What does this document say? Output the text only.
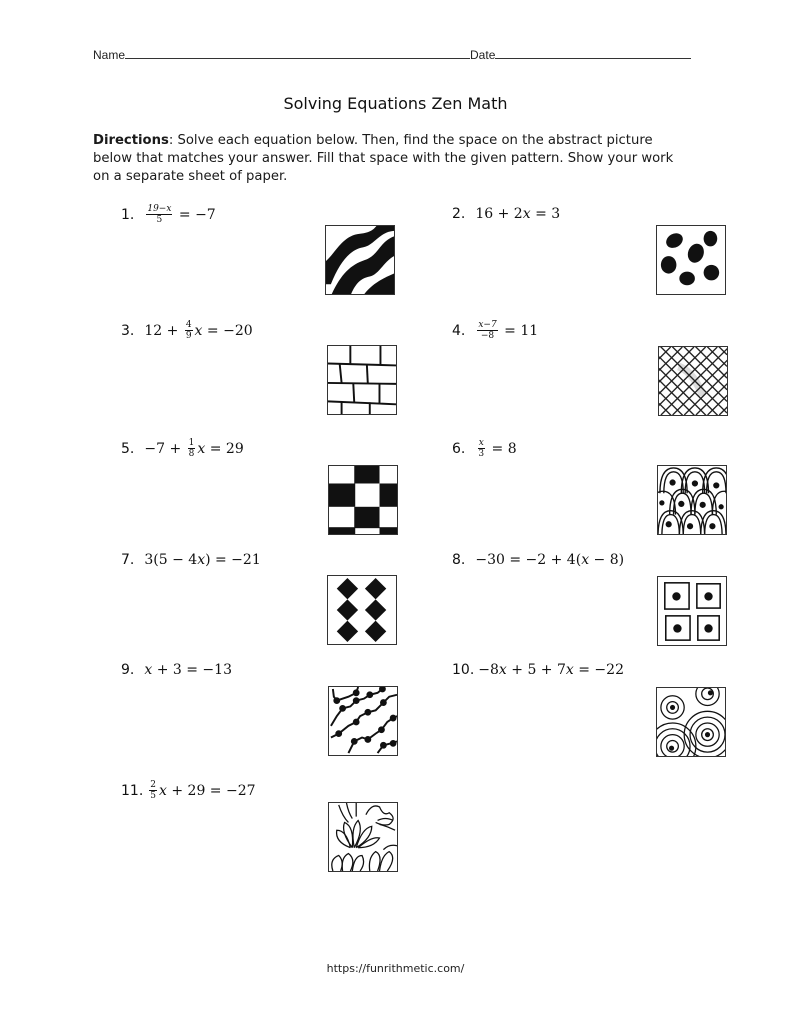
Name	Date
Solving Equations Zen Math
Directions: Solve each equation below. Then, find the space on the abstract picture below that matches your answer. Fill that space with the given pattern. Show your work on a separate sheet of paper.
1. $\frac{19-x}{5} = -7$	2. 16 + 2 x = 3
3. $12 + \frac{4}{9}$ x = −20	4. $\frac{x-7}{-8} = 11$
5. $-7 + \frac{1}{8}$ x = 29	6. $\frac{x}{3} = 8$
7. 3(5 − 4 x ) = −21	8. −30 = −2 + 4( x − 8)
9. x + 3 = −13	10. −8 x + 5 + 7 x = −22
11. $\frac{2}{5}$ x + 29 = −27
https://funrithmetic.com/
